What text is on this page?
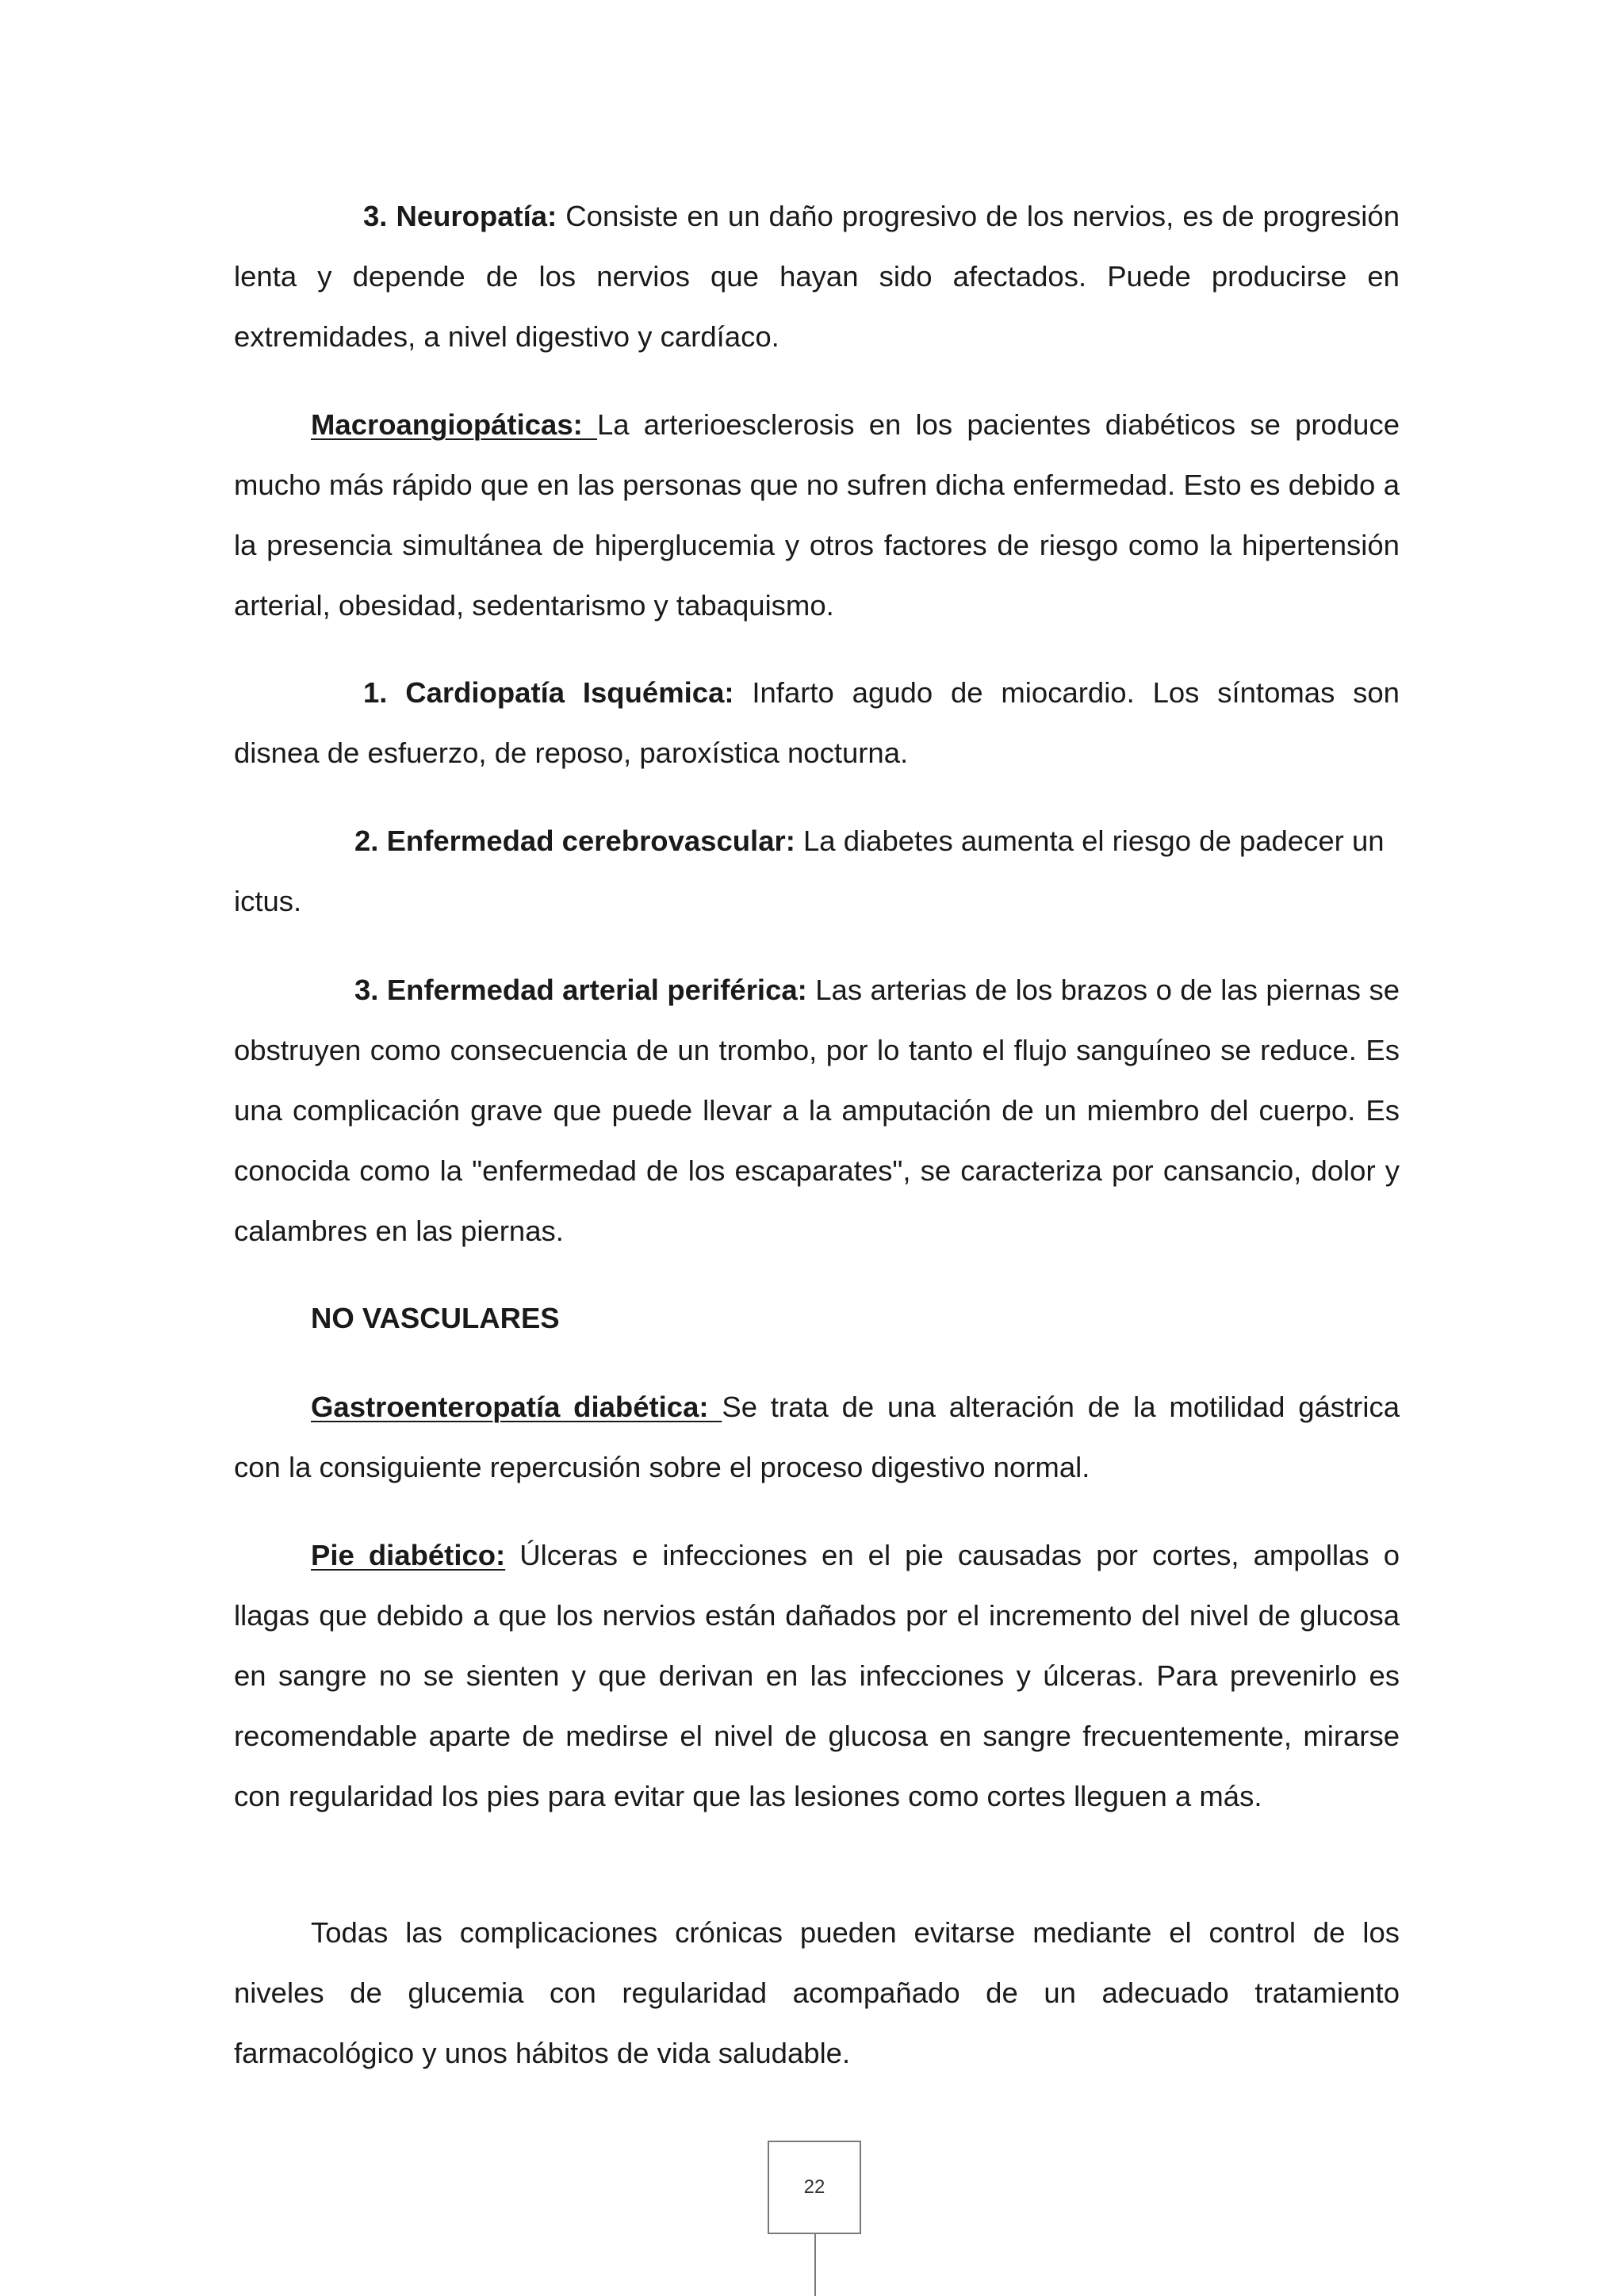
3. Neuropatía: Consiste en un daño progresivo de los nervios, es de progresión lenta y depende de los nervios que hayan sido afectados. Puede producirse en extremidades, a nivel digestivo y cardíaco.

Macroangiopáticas: La arterioesclerosis en los pacientes diabéticos se produce mucho más rápido que en las personas que no sufren dicha enfermedad. Esto es debido a la presencia simultánea de hiperglucemia y otros factores de riesgo como la hipertensión arterial, obesidad, sedentarismo y tabaquismo.

1. Cardiopatía Isquémica: Infarto agudo de miocardio. Los síntomas son disnea de esfuerzo, de reposo, paroxística nocturna.

2. Enfermedad cerebrovascular: La diabetes aumenta el riesgo de padecer un

ictus.

3. Enfermedad arterial periférica: Las arterias de los brazos o de las piernas se obstruyen como consecuencia de un trombo, por lo tanto el flujo sanguíneo se reduce. Es una complicación grave que puede llevar a la amputación de un miembro del cuerpo. Es conocida como la "enfermedad de los escaparates", se caracteriza por cansancio, dolor y calambres en las piernas.

NO VASCULARES

Gastroenteropatía diabética: Se trata de una alteración de la motilidad gástrica con la consiguiente repercusión sobre el proceso digestivo normal.

Pie diabético: Úlceras e infecciones en el pie causadas por cortes, ampollas o llagas que debido a que los nervios están dañados por el incremento del nivel de glucosa en sangre no se sienten y que derivan en las infecciones y úlceras. Para prevenirlo es recomendable aparte de medirse el nivel de glucosa en sangre frecuentemente, mirarse con regularidad los pies para evitar que las lesiones como cortes lleguen a más.

Todas las complicaciones crónicas pueden evitarse mediante el control de los niveles de glucemia con regularidad acompañado de un adecuado tratamiento farmacológico y unos hábitos de vida saludable.

22
